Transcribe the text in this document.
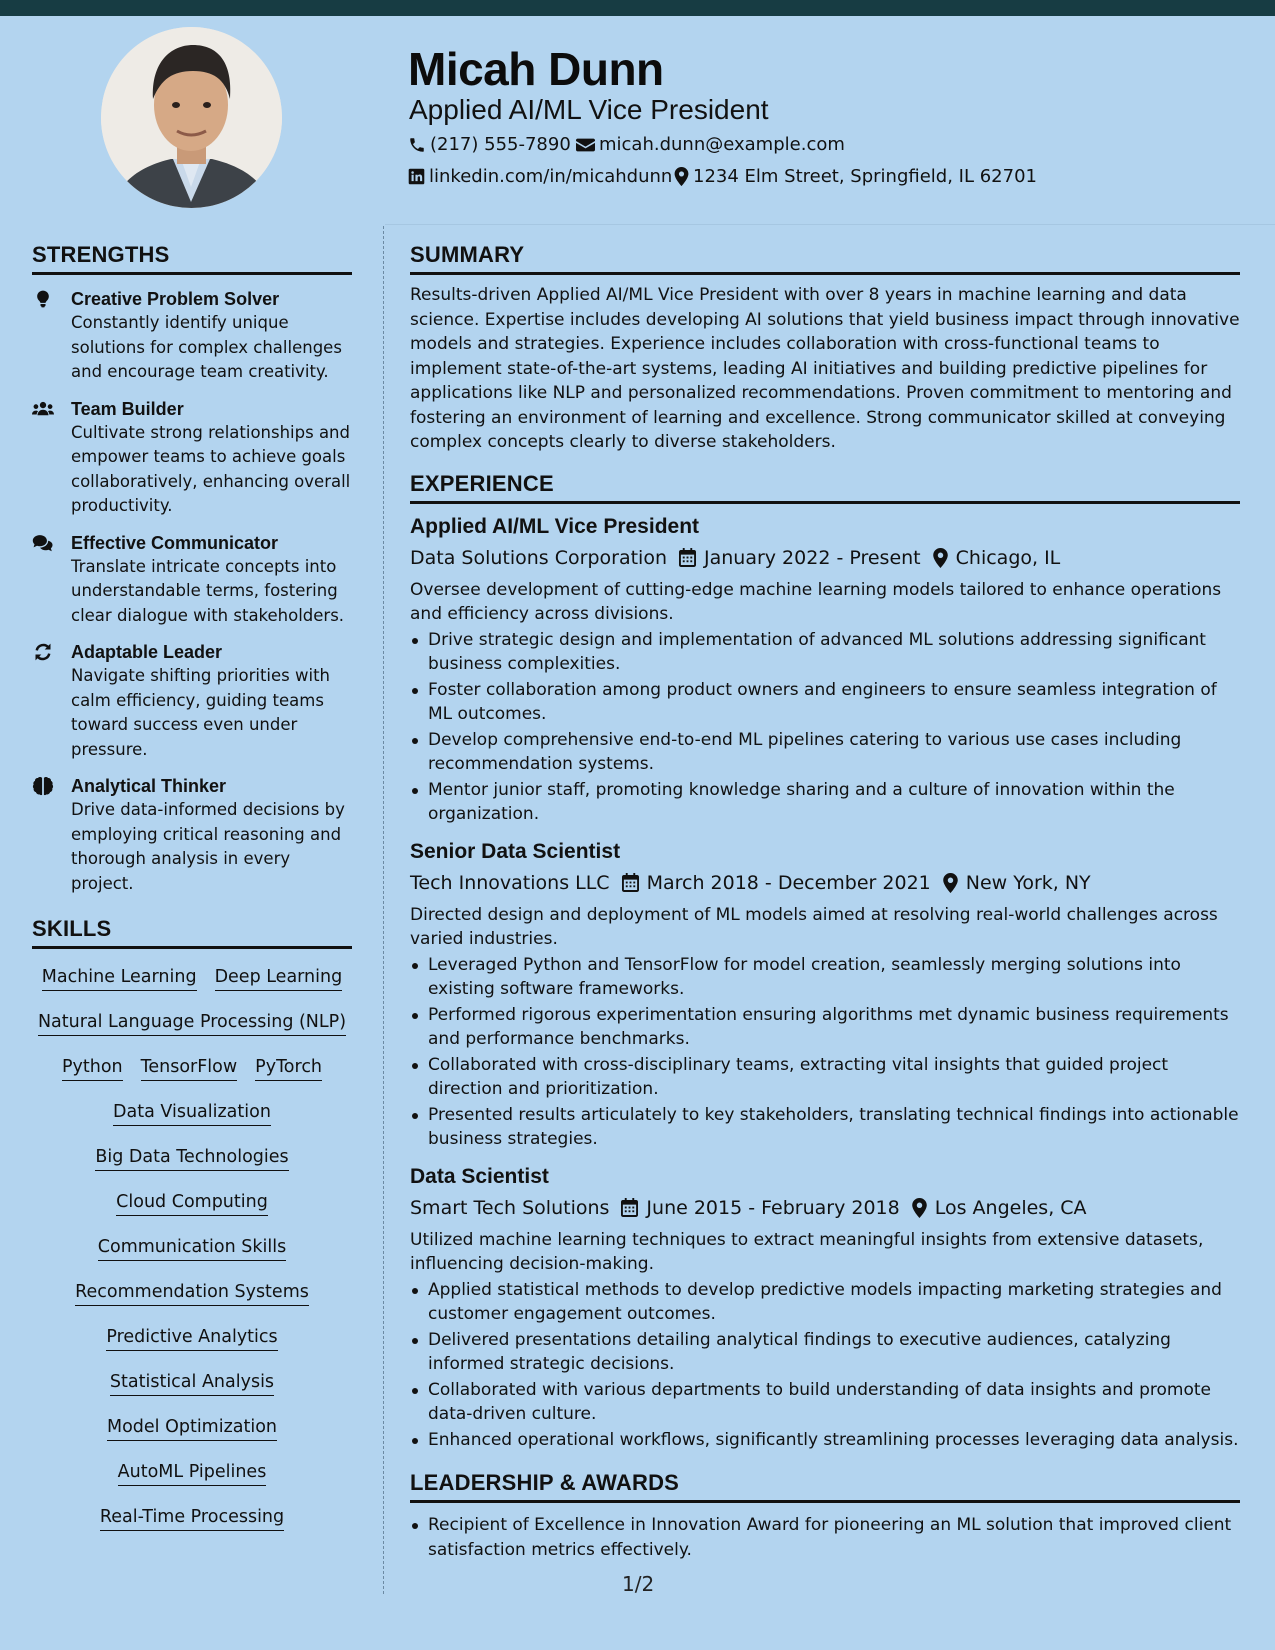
Micah Dunn
Applied AI/ML Vice President
(217) 555-7890 micah.dunn@example.com
linkedin.com/in/micahdunn 1234 Elm Street, Springfield, IL 62701
STRENGTHS
Creative Problem Solver
Constantly identify unique solutions for complex challenges and encourage team creativity.
Team Builder
Cultivate strong relationships and empower teams to achieve goals collaboratively, enhancing overall productivity.
Effective Communicator
Translate intricate concepts into understandable terms, fostering clear dialogue with stakeholders.
Adaptable Leader
Navigate shifting priorities with calm efficiency, guiding teams toward success even under pressure.
Analytical Thinker
Drive data-informed decisions by employing critical reasoning and thorough analysis in every project.
SKILLS
Machine Learning Deep Learning
Natural Language Processing (NLP)
Python TensorFlow PyTorch
Data Visualization
Big Data Technologies
Cloud Computing
Communication Skills
Recommendation Systems
Predictive Analytics
Statistical Analysis
Model Optimization
AutoML Pipelines
Real-Time Processing
SUMMARY
Results-driven Applied AI/ML Vice President with over 8 years in machine learning and data science. Expertise includes developing AI solutions that yield business impact through innovative models and strategies. Experience includes collaboration with cross-functional teams to implement state-of-the-art systems, leading AI initiatives and building predictive pipelines for applications like NLP and personalized recommendations. Proven commitment to mentoring and fostering an environment of learning and excellence. Strong communicator skilled at conveying complex concepts clearly to diverse stakeholders.
EXPERIENCE
Applied AI/ML Vice President
Data Solutions Corporation January 2022 - Present Chicago, IL
Oversee development of cutting-edge machine learning models tailored to enhance operations and efficiency across divisions.
Drive strategic design and implementation of advanced ML solutions addressing significant business complexities.
Foster collaboration among product owners and engineers to ensure seamless integration of ML outcomes.
Develop comprehensive end-to-end ML pipelines catering to various use cases including recommendation systems.
Mentor junior staff, promoting knowledge sharing and a culture of innovation within the organization.
Senior Data Scientist
Tech Innovations LLC March 2018 - December 2021 New York, NY
Directed design and deployment of ML models aimed at resolving real-world challenges across varied industries.
Leveraged Python and TensorFlow for model creation, seamlessly merging solutions into existing software frameworks.
Performed rigorous experimentation ensuring algorithms met dynamic business requirements and performance benchmarks.
Collaborated with cross-disciplinary teams, extracting vital insights that guided project direction and prioritization.
Presented results articulately to key stakeholders, translating technical findings into actionable business strategies.
Data Scientist
Smart Tech Solutions June 2015 - February 2018 Los Angeles, CA
Utilized machine learning techniques to extract meaningful insights from extensive datasets, influencing decision-making.
Applied statistical methods to develop predictive models impacting marketing strategies and customer engagement outcomes.
Delivered presentations detailing analytical findings to executive audiences, catalyzing informed strategic decisions.
Collaborated with various departments to build understanding of data insights and promote data-driven culture.
Enhanced operational workflows, significantly streamlining processes leveraging data analysis.
LEADERSHIP & AWARDS
Recipient of Excellence in Innovation Award for pioneering an ML solution that improved client satisfaction metrics effectively.
1/2
